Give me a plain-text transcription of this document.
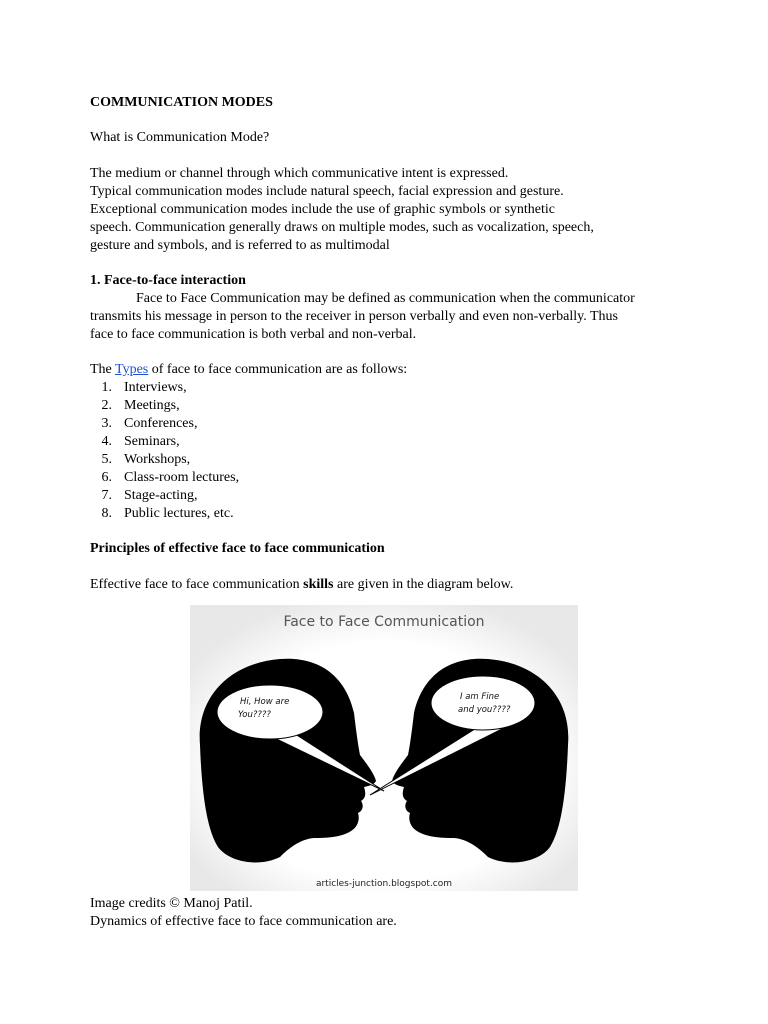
COMMUNICATION MODES
What is Communication Mode?
The medium or channel through which communicative intent is expressed.
Typical communication modes include natural speech, facial expression and gesture.
Exceptional communication modes include the use of graphic symbols or synthetic
speech. Communication generally draws on multiple modes, such as vocalization, speech,
gesture and symbols, and is referred to as multimodal
1. Face-to-face interaction
Face to Face Communication may be defined as communication when the communicator
transmits his message in person to the receiver in person verbally and even non-verbally. Thus
face to face communication is both verbal and non-verbal.
The Types of face to face communication are as follows:
1. Interviews,
2. Meetings,
3. Conferences,
4. Seminars,
5. Workshops,
6. Class-room lectures,
7. Stage-acting,
8. Public lectures, etc.
Principles of effective face to face communication
Effective face to face communication skills are given in the diagram below.
Face to Face Communication
Hi, How are
You????
I am Fine
and you????
articles-junction.blogspot.com
Image credits © Manoj Patil.
Dynamics of effective face to face communication are.
